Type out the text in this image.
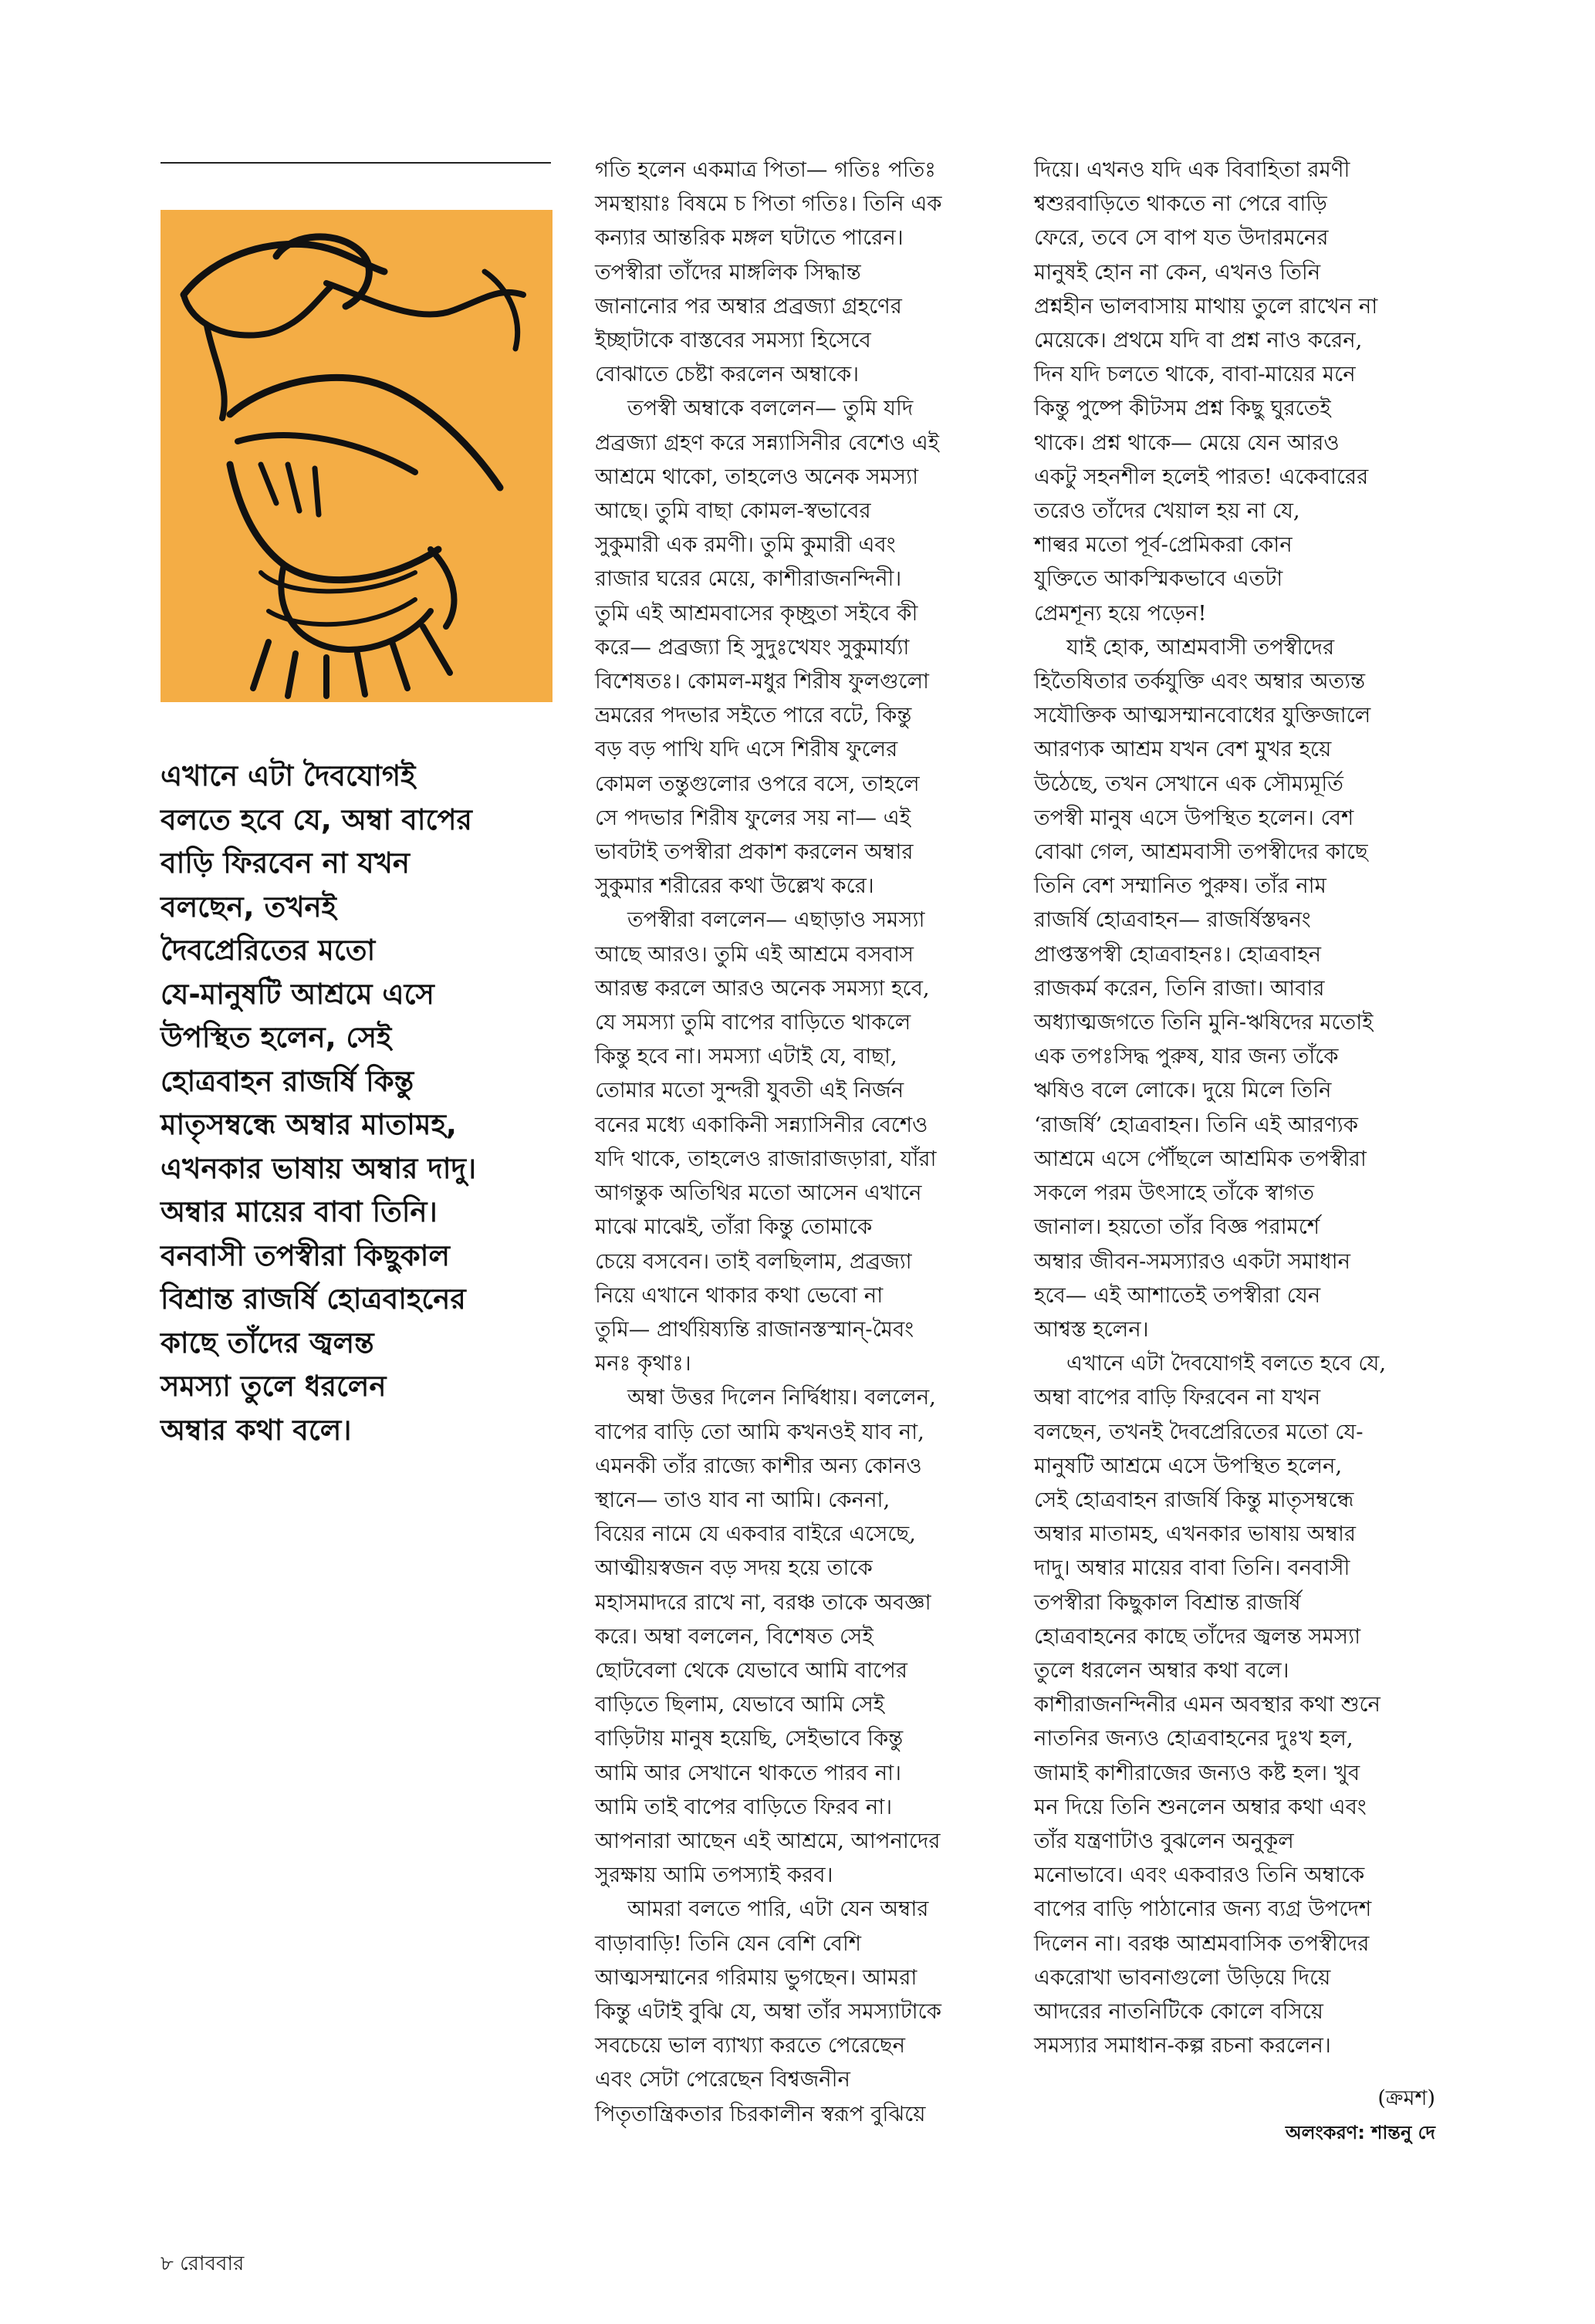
এখানে এটা দৈবযোগই
বলতে হবে যে, অম্বা বাপের
বাড়ি ফিরবেন না যখন
বলছেন, তখনই
দৈবপ্রেরিতের মতো
যে-মানুষটি আশ্রমে এসে
উপস্থিত হলেন, সেই
হোত্রবাহন রাজর্ষি কিন্তু
মাতৃসম্বন্ধে অম্বার মাতামহ,
এখনকার ভাষায় অম্বার দাদু।
অম্বার মায়ের বাবা তিনি।
বনবাসী তপস্বীরা কিছুকাল
বিশ্রান্ত রাজর্ষি হোত্রবাহনের
কাছে তাঁদের জ্বলন্ত
সমস্যা তুলে ধরলেন
অম্বার কথা বলে।
গতি হলেন একমাত্র পিতা— গতিঃ পতিঃ
সমস্থায়াঃ বিষমে চ পিতা গতিঃ। তিনি এক
কন্যার আন্তরিক মঙ্গল ঘটাতে পারেন।
তপস্বীরা তাঁদের মাঙ্গলিক সিদ্ধান্ত
জানানোর পর অম্বার প্রব্রজ্যা গ্রহণের
ইচ্ছাটাকে বাস্তবের সমস্যা হিসেবে
বোঝাতে চেষ্টা করলেন অম্বাকে।
তপস্বী অম্বাকে বললেন— তুমি যদি
প্রব্রজ্যা গ্রহণ করে সন্ন্যাসিনীর বেশেও এই
আশ্রমে থাকো, তাহলেও অনেক সমস্যা
আছে। তুমি বাছা কোমল-স্বভাবের
সুকুমারী এক রমণী। তুমি কুমারী এবং
রাজার ঘরের মেয়ে, কাশীরাজনন্দিনী।
তুমি এই আশ্রমবাসের কৃচ্ছ্রতা সইবে কী
করে— প্রব্রজ্যা হি সুদুঃখেযং সুকুমার্য্যা
বিশেষতঃ। কোমল-মধুর শিরীষ ফুলগুলো
ভ্রমরের পদভার সইতে পারে বটে, কিন্তু
বড় বড় পাখি যদি এসে শিরীষ ফুলের
কোমল তন্তুগুলোর ওপরে বসে, তাহলে
সে পদভার শিরীষ ফুলের সয় না— এই
ভাবটাই তপস্বীরা প্রকাশ করলেন অম্বার
সুকুমার শরীরের কথা উল্লেখ করে।
তপস্বীরা বললেন— এছাড়াও সমস্যা
আছে আরও। তুমি এই আশ্রমে বসবাস
আরম্ভ করলে আরও অনেক সমস্যা হবে,
যে সমস্যা তুমি বাপের বাড়িতে থাকলে
কিন্তু হবে না। সমস্যা এটাই যে, বাছা,
তোমার মতো সুন্দরী যুবতী এই নির্জন
বনের মধ্যে একাকিনী সন্ন্যাসিনীর বেশেও
যদি থাকে, তাহলেও রাজারাজড়ারা, যাঁরা
আগন্তুক অতিথির মতো আসেন এখানে
মাঝে মাঝেই, তাঁরা কিন্তু তোমাকে
চেয়ে বসবেন। তাই বলছিলাম, প্রব্রজ্যা
নিয়ে এখানে থাকার কথা ভেবো না
তুমি— প্রার্থয়িষ্যন্তি রাজানস্তস্মান্‌-মৈবং
মনঃ কৃথাঃ।
অম্বা উত্তর দিলেন নির্দ্বিধায়। বললেন,
বাপের বাড়ি তো আমি কখনওই যাব না,
এমনকী তাঁর রাজ্যে কাশীর অন্য কোনও
স্থানে— তাও যাব না আমি। কেননা,
বিয়ের নামে যে একবার বাইরে এসেছে,
আত্মীয়স্বজন বড় সদয় হয়ে তাকে
মহাসমাদরে রাখে না, বরঞ্চ তাকে অবজ্ঞা
করে। অম্বা বললেন, বিশেষত সেই
ছোটবেলা থেকে যেভাবে আমি বাপের
বাড়িতে ছিলাম, যেভাবে আমি সেই
বাড়িটায় মানুষ হয়েছি, সেইভাবে কিন্তু
আমি আর সেখানে থাকতে পারব না।
আমি তাই বাপের বাড়িতে ফিরব না।
আপনারা আছেন এই আশ্রমে, আপনাদের
সুরক্ষায় আমি তপস্যাই করব।
আমরা বলতে পারি, এটা যেন অম্বার
বাড়াবাড়ি! তিনি যেন বেশি বেশি
আত্মসম্মানের গরিমায় ভুগছেন। আমরা
কিন্তু এটাই বুঝি যে, অম্বা তাঁর সমস্যাটাকে
সবচেয়ে ভাল ব্যাখ্যা করতে পেরেছেন
এবং সেটা পেরেছেন বিশ্বজনীন
পিতৃতান্ত্রিকতার চিরকালীন স্বরূপ বুঝিয়ে
দিয়ে। এখনও যদি এক বিবাহিতা রমণী
শ্বশুরবাড়িতে থাকতে না পেরে বাড়ি
ফেরে, তবে সে বাপ যত উদারমনের
মানুষই হোন না কেন, এখনও তিনি
প্রশ্নহীন ভালবাসায় মাথায় তুলে রাখেন না
মেয়েকে। প্রথমে যদি বা প্রশ্ন নাও করেন,
দিন যদি চলতে থাকে, বাবা-মায়ের মনে
কিন্তু পুষ্পে কীটসম প্রশ্ন কিছু ঘুরতেই
থাকে। প্রশ্ন থাকে— মেয়ে যেন আরও
একটু সহনশীল হলেই পারত! একেবারের
তরেও তাঁদের খেয়াল হয় না যে,
শাল্বর মতো পূর্ব-প্রেমিকরা কোন
যুক্তিতে আকস্মিকভাবে এতটা
প্রেমশূন্য হয়ে পড়েন!
যাই হোক, আশ্রমবাসী তপস্বীদের
হিতৈষিতার তর্কযুক্তি এবং অম্বার অত্যন্ত
সযৌক্তিক আত্মসম্মানবোধের যুক্তিজালে
আরণ্যক আশ্রম যখন বেশ মুখর হয়ে
উঠেছে, তখন সেখানে এক সৌম্যমূর্তি
তপস্বী মানুষ এসে উপস্থিত হলেন। বেশ
বোঝা গেল, আশ্রমবাসী তপস্বীদের কাছে
তিনি বেশ সম্মানিত পুরুষ। তাঁর নাম
রাজর্ষি হোত্রবাহন— রাজর্ষিস্তদ্বনং
প্রাপ্তস্তপস্বী হোত্রবাহনঃ। হোত্রবাহন
রাজকর্ম করেন, তিনি রাজা। আবার
অধ্যাত্মজগতে তিনি মুনি-ঋষিদের মতোই
এক তপঃসিদ্ধ পুরুষ, যার জন্য তাঁকে
ঋষিও বলে লোকে। দুয়ে মিলে তিনি
‘রাজর্ষি’ হোত্রবাহন। তিনি এই আরণ্যক
আশ্রমে এসে পৌঁছলে আশ্রমিক তপস্বীরা
সকলে পরম উৎসাহে তাঁকে স্বাগত
জানাল। হয়তো তাঁর বিজ্ঞ পরামর্শে
অম্বার জীবন-সমস্যারও একটা সমাধান
হবে— এই আশাতেই তপস্বীরা যেন
আশ্বস্ত হলেন।
এখানে এটা দৈবযোগই বলতে হবে যে,
অম্বা বাপের বাড়ি ফিরবেন না যখন
বলছেন, তখনই দৈবপ্রেরিতের মতো যে-
মানুষটি আশ্রমে এসে উপস্থিত হলেন,
সেই হোত্রবাহন রাজর্ষি কিন্তু মাতৃসম্বন্ধে
অম্বার মাতামহ, এখনকার ভাষায় অম্বার
দাদু। অম্বার মায়ের বাবা তিনি। বনবাসী
তপস্বীরা কিছুকাল বিশ্রান্ত রাজর্ষি
হোত্রবাহনের কাছে তাঁদের জ্বলন্ত সমস্যা
তুলে ধরলেন অম্বার কথা বলে।
কাশীরাজনন্দিনীর এমন অবস্থার কথা শুনে
নাতনির জন্যও হোত্রবাহনের দুঃখ হল,
জামাই কাশীরাজের জন্যও কষ্ট হল। খুব
মন দিয়ে তিনি শুনলেন অম্বার কথা এবং
তাঁর যন্ত্রণাটাও বুঝলেন অনুকূল
মনোভাবে। এবং একবারও তিনি অম্বাকে
বাপের বাড়ি পাঠানোর জন্য ব্যগ্র উপদেশ
দিলেন না। বরঞ্চ আশ্রমবাসিক তপস্বীদের
একরোখা ভাবনাগুলো উড়িয়ে দিয়ে
আদরের নাতনিটিকে কোলে বসিয়ে
সমস্যার সমাধান-কল্প রচনা করলেন।
(ক্রমশ)
অলংকরণ: শান্তনু দে
৮ রোববার
